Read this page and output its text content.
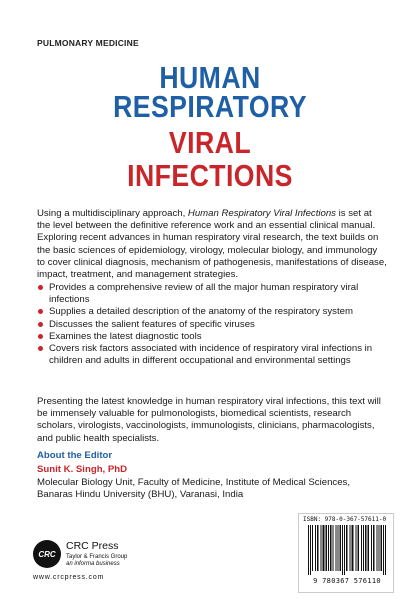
PULMONARY MEDICINE
HUMAN
RESPIRATORY
VIRAL
INFECTIONS

Using a multidisciplinary approach, Human Respiratory Viral Infections is set at the level between the definitive reference work and an essential clinical manual. Exploring recent advances in human respiratory viral research, the text builds on the basic sciences of epidemiology, virology, molecular biology, and immunology to cover clinical diagnosis, mechanism of pathogenesis, manifestations of disease, impact, treatment, and management strategies.

Provides a comprehensive review of all the major human respiratory viral infections
Supplies a detailed description of the anatomy of the respiratory system
Discusses the salient features of specific viruses
Examines the latest diagnostic tools
Covers risk factors associated with incidence of respiratory viral infections in children and adults in different occupational and environmental settings

Presenting the latest knowledge in human respiratory viral infections, this text will be immensely valuable for pulmonologists, biomedical scientists, research scholars, virologists, vaccinologists, immunologists, clinicians, pharmacologists, and public health specialists.

About the Editor
Sunit K. Singh, PhD
Molecular Biology Unit, Faculty of Medicine, Institute of Medical Sciences, Banaras Hindu University (BHU), Varanasi, India
CRC
CRC Press
Taylor & Francis Group
an informa business
www.crcpress.com
ISBN: 978-0-367-57611-0
9 780367 576110
